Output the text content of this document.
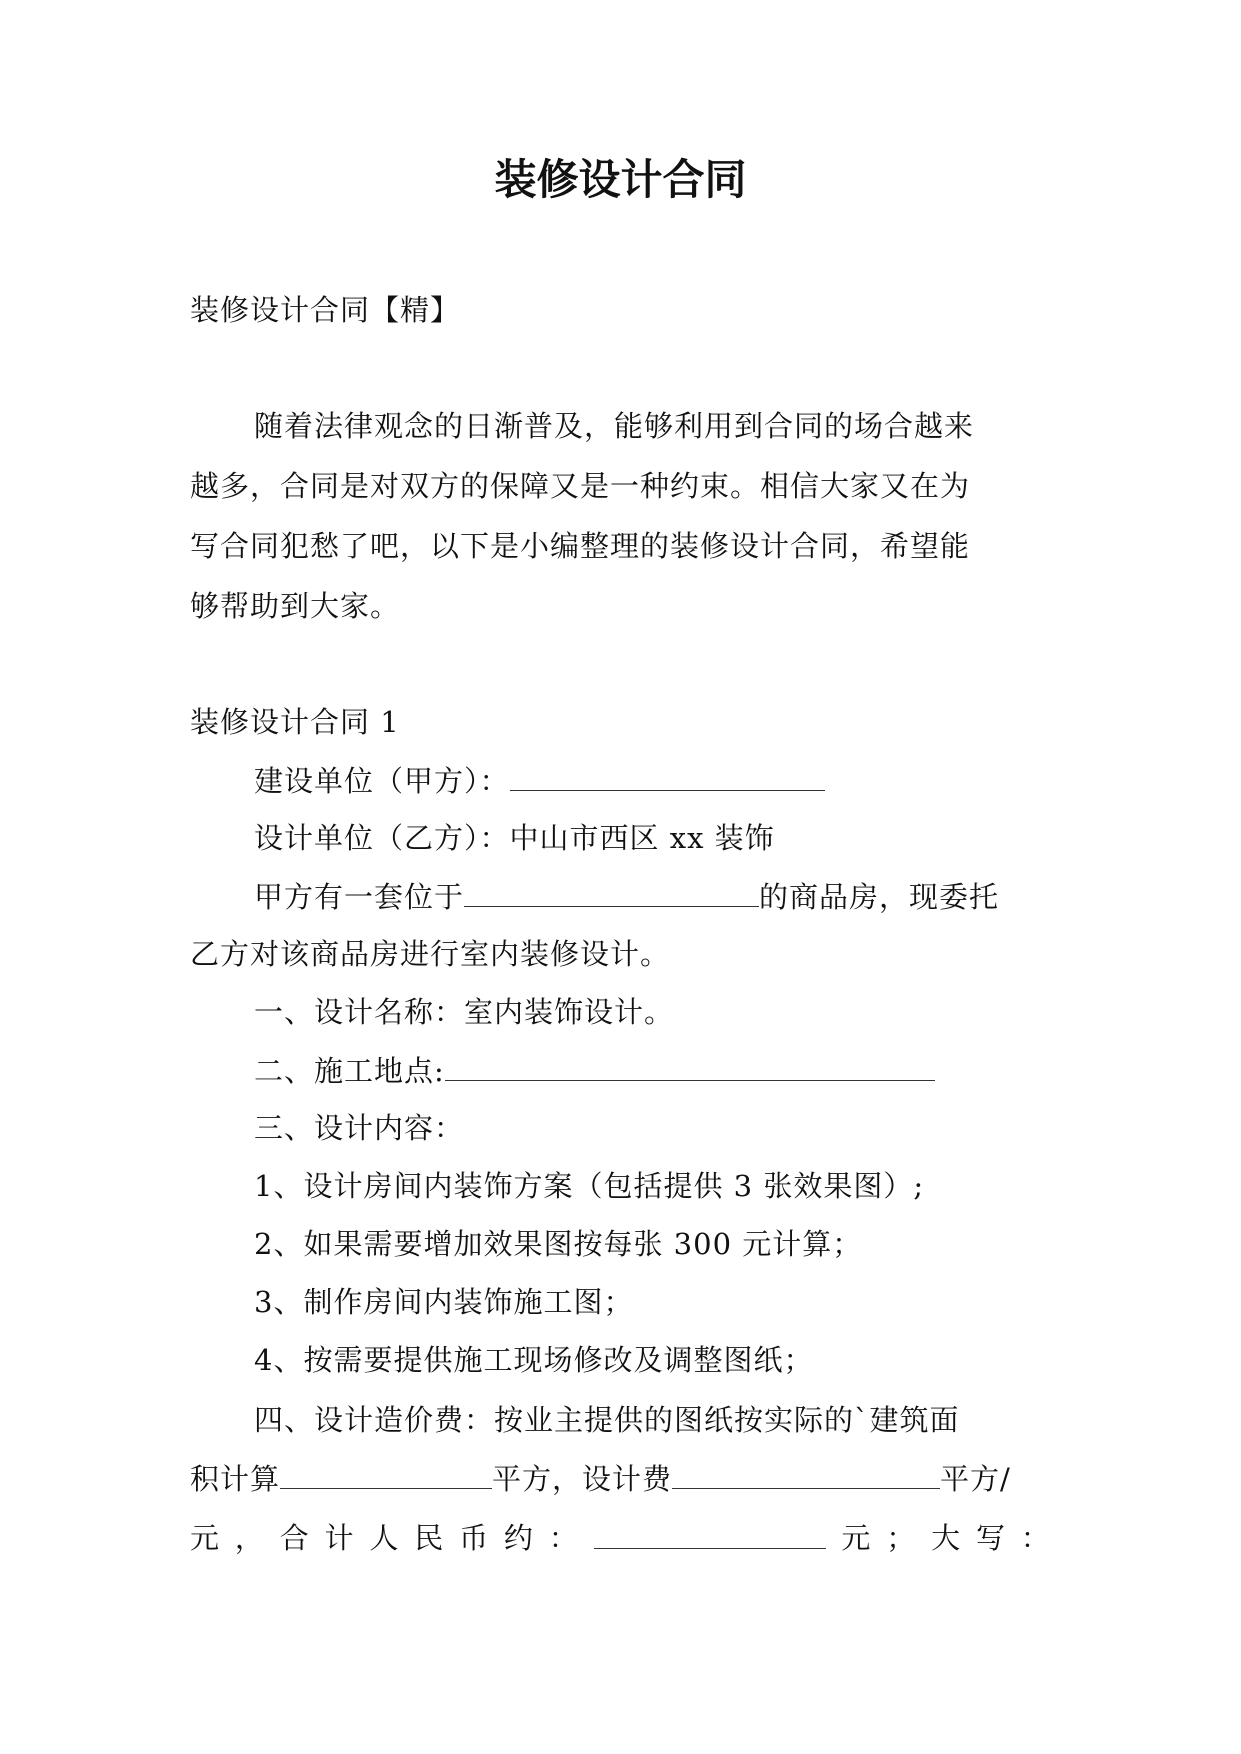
装修设计合同
装修设计合同【精】
随着法律观念的日渐普及，能够利用到合同的场合越来
越多，合同是对双方的保障又是一种约束。相信大家又在为
写合同犯愁了吧，以下是小编整理的装修设计合同，希望能
够帮助到大家。
装修设计合同 1
建设单位（甲方）：
设计单位（乙方）：中山市西区 xx 装饰
甲方有一套位于	的商品房，现委托
乙方对该商品房进行室内装修设计。
一、设计名称：室内装饰设计。
二、施工地点:
三、设计内容：
1、设计房间内装饰方案（包括提供 3 张效果图）;
2、如果需要增加效果图按每张 300 元计算；
3、制作房间内装饰施工图；
4、按需要提供施工现场修改及调整图纸；
四、设计造价费：按业主提供的图纸按实际的`建筑面
积计算	平方，设计费	平方/
元 ， 合 计 人 民 币 约 ：	元 ； 大 写 ：
